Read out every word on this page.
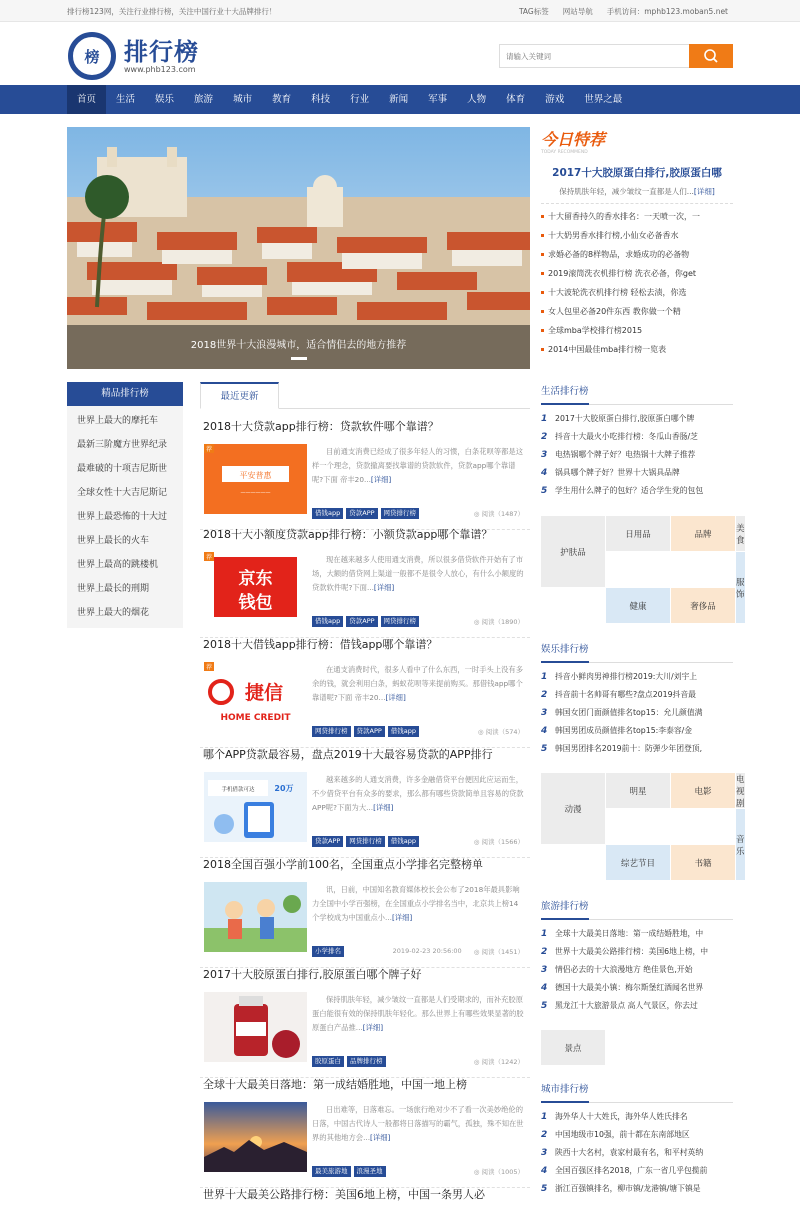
排行榜123网，关注行业排行榜，关注中国行业十大品牌排行！	TAG标签 网站导航 手机访问：mphb123.moban5.net
榜 排行榜
www.phb123.com
请输入关键词
首页	生活	娱乐	旅游	城市	教育	科技	行业	新闻	军事	人物	体育	游戏	世界之最
2018世界十大浪漫城市，适合情侣去的地方推荐
今日特荐
TODAY RECOMMEND
2017十大胶原蛋白排行,胶原蛋白哪
保持肌肤年轻，减少皱纹一直都是人们...[详细]
十大留香持久的香水排名：一天喷一次，一
十大奶男香水排行榜,小仙女必备香水
求婚必备的8样物品，求婚成功的必备物
2019滚筒洗衣机排行榜 洗衣必备，你get
十大波轮洗衣机排行榜 轻松去渍，你选
女人包里必备20件东西 教你做一个精
全球mba学校排行榜2015
2014中国最佳mba排行榜一览表
精品排行榜
世界上最大的摩托车
最新三阶魔方世界纪录
最难破的十项吉尼斯世
全球女性十大吉尼斯记
世界上最恐怖的十大过
世界上最长的火车
世界上最高的跳楼机
世界上最长的刑期
世界上最大的烟花
最近更新
2018十大贷款app排行榜：贷款软件哪个靠谱？
平安普惠
——————
荐	目前通支消费已经成了很多年轻人的习惯，白条花呗等都是这样一个理念，贷款撤离要找靠谱的贷款软件，贷款app哪个靠谱呢?下面 帝丰20...[详细]
借钱app	贷款APP	网贷排行榜	◎ 阅读（1487）
2018十大小额度贷款app排行榜：小额贷款app哪个靠谱？
京东
钱包
荐	现在越来越多人使用通支消费，所以很多借贷软件开始有了市场，大额的借贷网上渠道一般都不是很令人放心，有什么小额度的贷款软件呢?下面...[详细]
借钱app	贷款APP	网贷排行榜	◎ 阅读（1890）
2018十大借钱app排行榜：借钱app哪个靠谱？
捷信
HOME CREDIT
荐	在通支消费时代，很多人看中了什么东西，一时手头上没有多余的钱，就会利用白条，蚂蚁花呗等来提前购买。那借钱app哪个靠谱呢?下面 帝丰20...[详细]
网贷排行榜	贷款APP	借钱app	◎ 阅读（574）
哪个APP贷款最容易，盘点2019十大最容易贷款的APP排行
手机借款可达 20万
越来越多的人通支消费，许多金融借贷平台便因此应运而生，不少借贷平台有众多的要求，那么都有哪些贷款简单且容易的贷款APP呢?下面为大...[详细]
贷款APP	网贷排行榜	借钱app	◎ 阅读（1566）
2018全国百强小学前100名，全国重点小学排名完整榜单
讯，日前，中国知名教育媒体校长会公布了2018年最具影响力全国中小学百强榜，在全国重点小学排名当中，北京共上榜14个学校成为中国重点小...[详细]
小学排名	2019-02-23 20:56:00 ◎ 阅读（1451）
2017十大胶原蛋白排行,胶原蛋白哪个牌子好
保持肌肤年轻，减少皱纹一直都是人们受期求的，而补充胶原蛋白能很有效的保持肌肤年轻化。那么世界上有哪些效果显著的胶原蛋白产品推...[详细]
胶原蛋白	品牌排行榜	◎ 阅读（1242）
全球十大最美日落地：第一成结婚胜地，中国一地上榜
日出难等，日落难忘。一场旅行绝对少不了看一次美妙绝伦的日落，中国古代诗人一般都将日落描写的霸气，孤独，殊不知在世界的其他地方会...[详细]
最美旅游地	浪漫圣地	◎ 阅读（1005）
世界十大最美公路排行榜：美国6地上榜，中国一条男人必
生活排行榜
1 2017十大胶原蛋白排行,胶原蛋白哪个牌
2 抖音十大最火小吃排行榜：冬瓜山香肠/芝
3 电热锅哪个牌子好？电热锅十大牌子推荐
4 锅具哪个牌子好？世界十大锅具品牌
5 学生用什么牌子的包好？适合学生党的包包
日用品	品牌
护肤品
服饰
美食
健康	奢侈品
娱乐排行榜
1 抖音小鲜肉男神排行榜2019:大川/刘宇上
2 抖音前十名帅哥有哪些?盘点2019抖音最
3 韩国女团门面颜值排名top15：允儿颜值满
4 韩国男团成员颜值排名top15:李泰容/金
5 韩国男团排名2019前十：防弹少年团登顶,
明星	电影
动漫
音乐
电视剧
综艺节目	书籍
旅游排行榜
1 全球十大最美日落地：第一成结婚胜地，中
2 世界十大最美公路排行榜：美国6地上榜，中
3 情侣必去的十大浪漫地方 绝佳景色,开始
4 德国十大最美小镇：梅尔斯堡红酒闻名世界
5 黑龙江十大旅游景点 高人气景区，你去过
景点
城市排行榜
1 海外华人十大姓氏，海外华人姓氏排名
2 中国地级市10强，前十都在东南部地区
3 陕西十大名村，袁家村最有名，和平村英纳
4 全国百强区排名2018，广东一省几乎包揽前
5 浙江百强镇排名，柳市镇/龙港镇/塘下镇是
